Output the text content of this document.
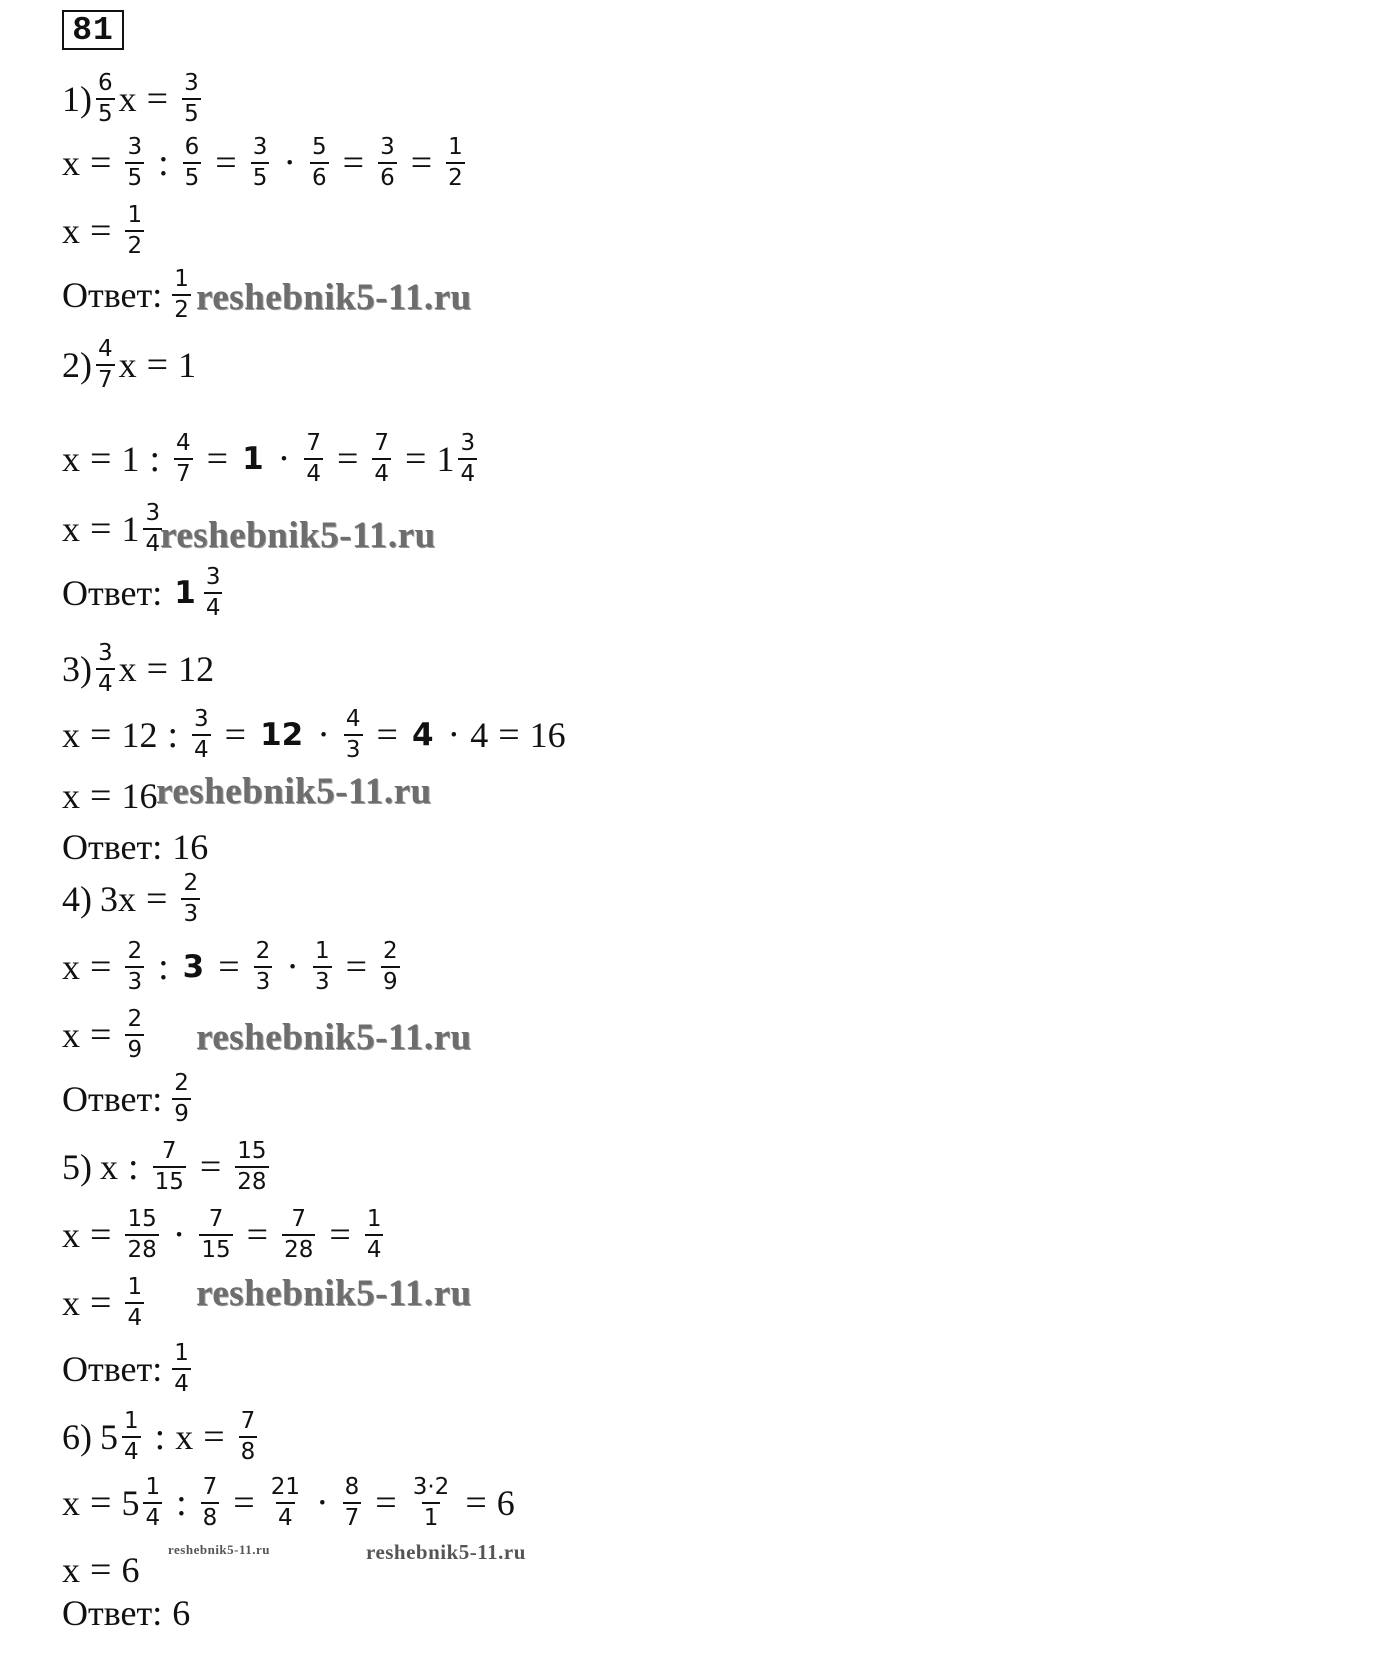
81
$1) \frac{6}{5}$ $x = \frac{3}{5}$
$x = \frac{3}{5}$ : $\frac{6}{5} = \frac{3}{5} \cdot \frac{5}{6} = \frac{3}{6} = \frac{1}{2}$
$x = \frac{1}{2}$
Ответ: $\frac{1}{2}$ reshebnik5-11.ru
$2) \frac{4}{7}$ x = 1
x = 1 : $\frac{4}{7} = 1 \cdot \frac{7}{4} = \frac{7}{4} = 1 \frac{3}{4}$
$x = 1 \frac{3}{4}$
reshebnik5-11.ru
Ответ: $1 \frac{3}{4}$
$3) \frac{3}{4}$ x = 12
x = 12 : $\frac{3}{4} = 12 \cdot \frac{4}{3} = 4 \cdot 4 = 16$
x = 16
reshebnik5-11.ru
Ответ: 16
4) $3x = \frac{2}{3}$
$x = \frac{2}{3}$ : $3 = \frac{2}{3} \cdot \frac{1}{3} = \frac{2}{9}$
$x = \frac{2}{9}$ reshebnik5-11.ru
Ответ: $\frac{2}{9}$
5) x : $\frac{7}{15} = \frac{15}{28}$
$x = \frac{15}{28} \cdot \frac{7}{15} = \frac{7}{28} = \frac{1}{4}$
$x = \frac{1}{4}$ reshebnik5-11.ru
Ответ: $\frac{1}{4}$
6) $5 \frac{1}{4}$ : $x = \frac{7}{8}$
$x = 5 \frac{1}{4}$ : $\frac{7}{8} = \frac{21}{4} \cdot \frac{8}{7} = \frac{3\cdot 2}{1} = 6$
reshebnik5-11.ru	reshebnik5-11.ru
x = 6
Ответ: 6
